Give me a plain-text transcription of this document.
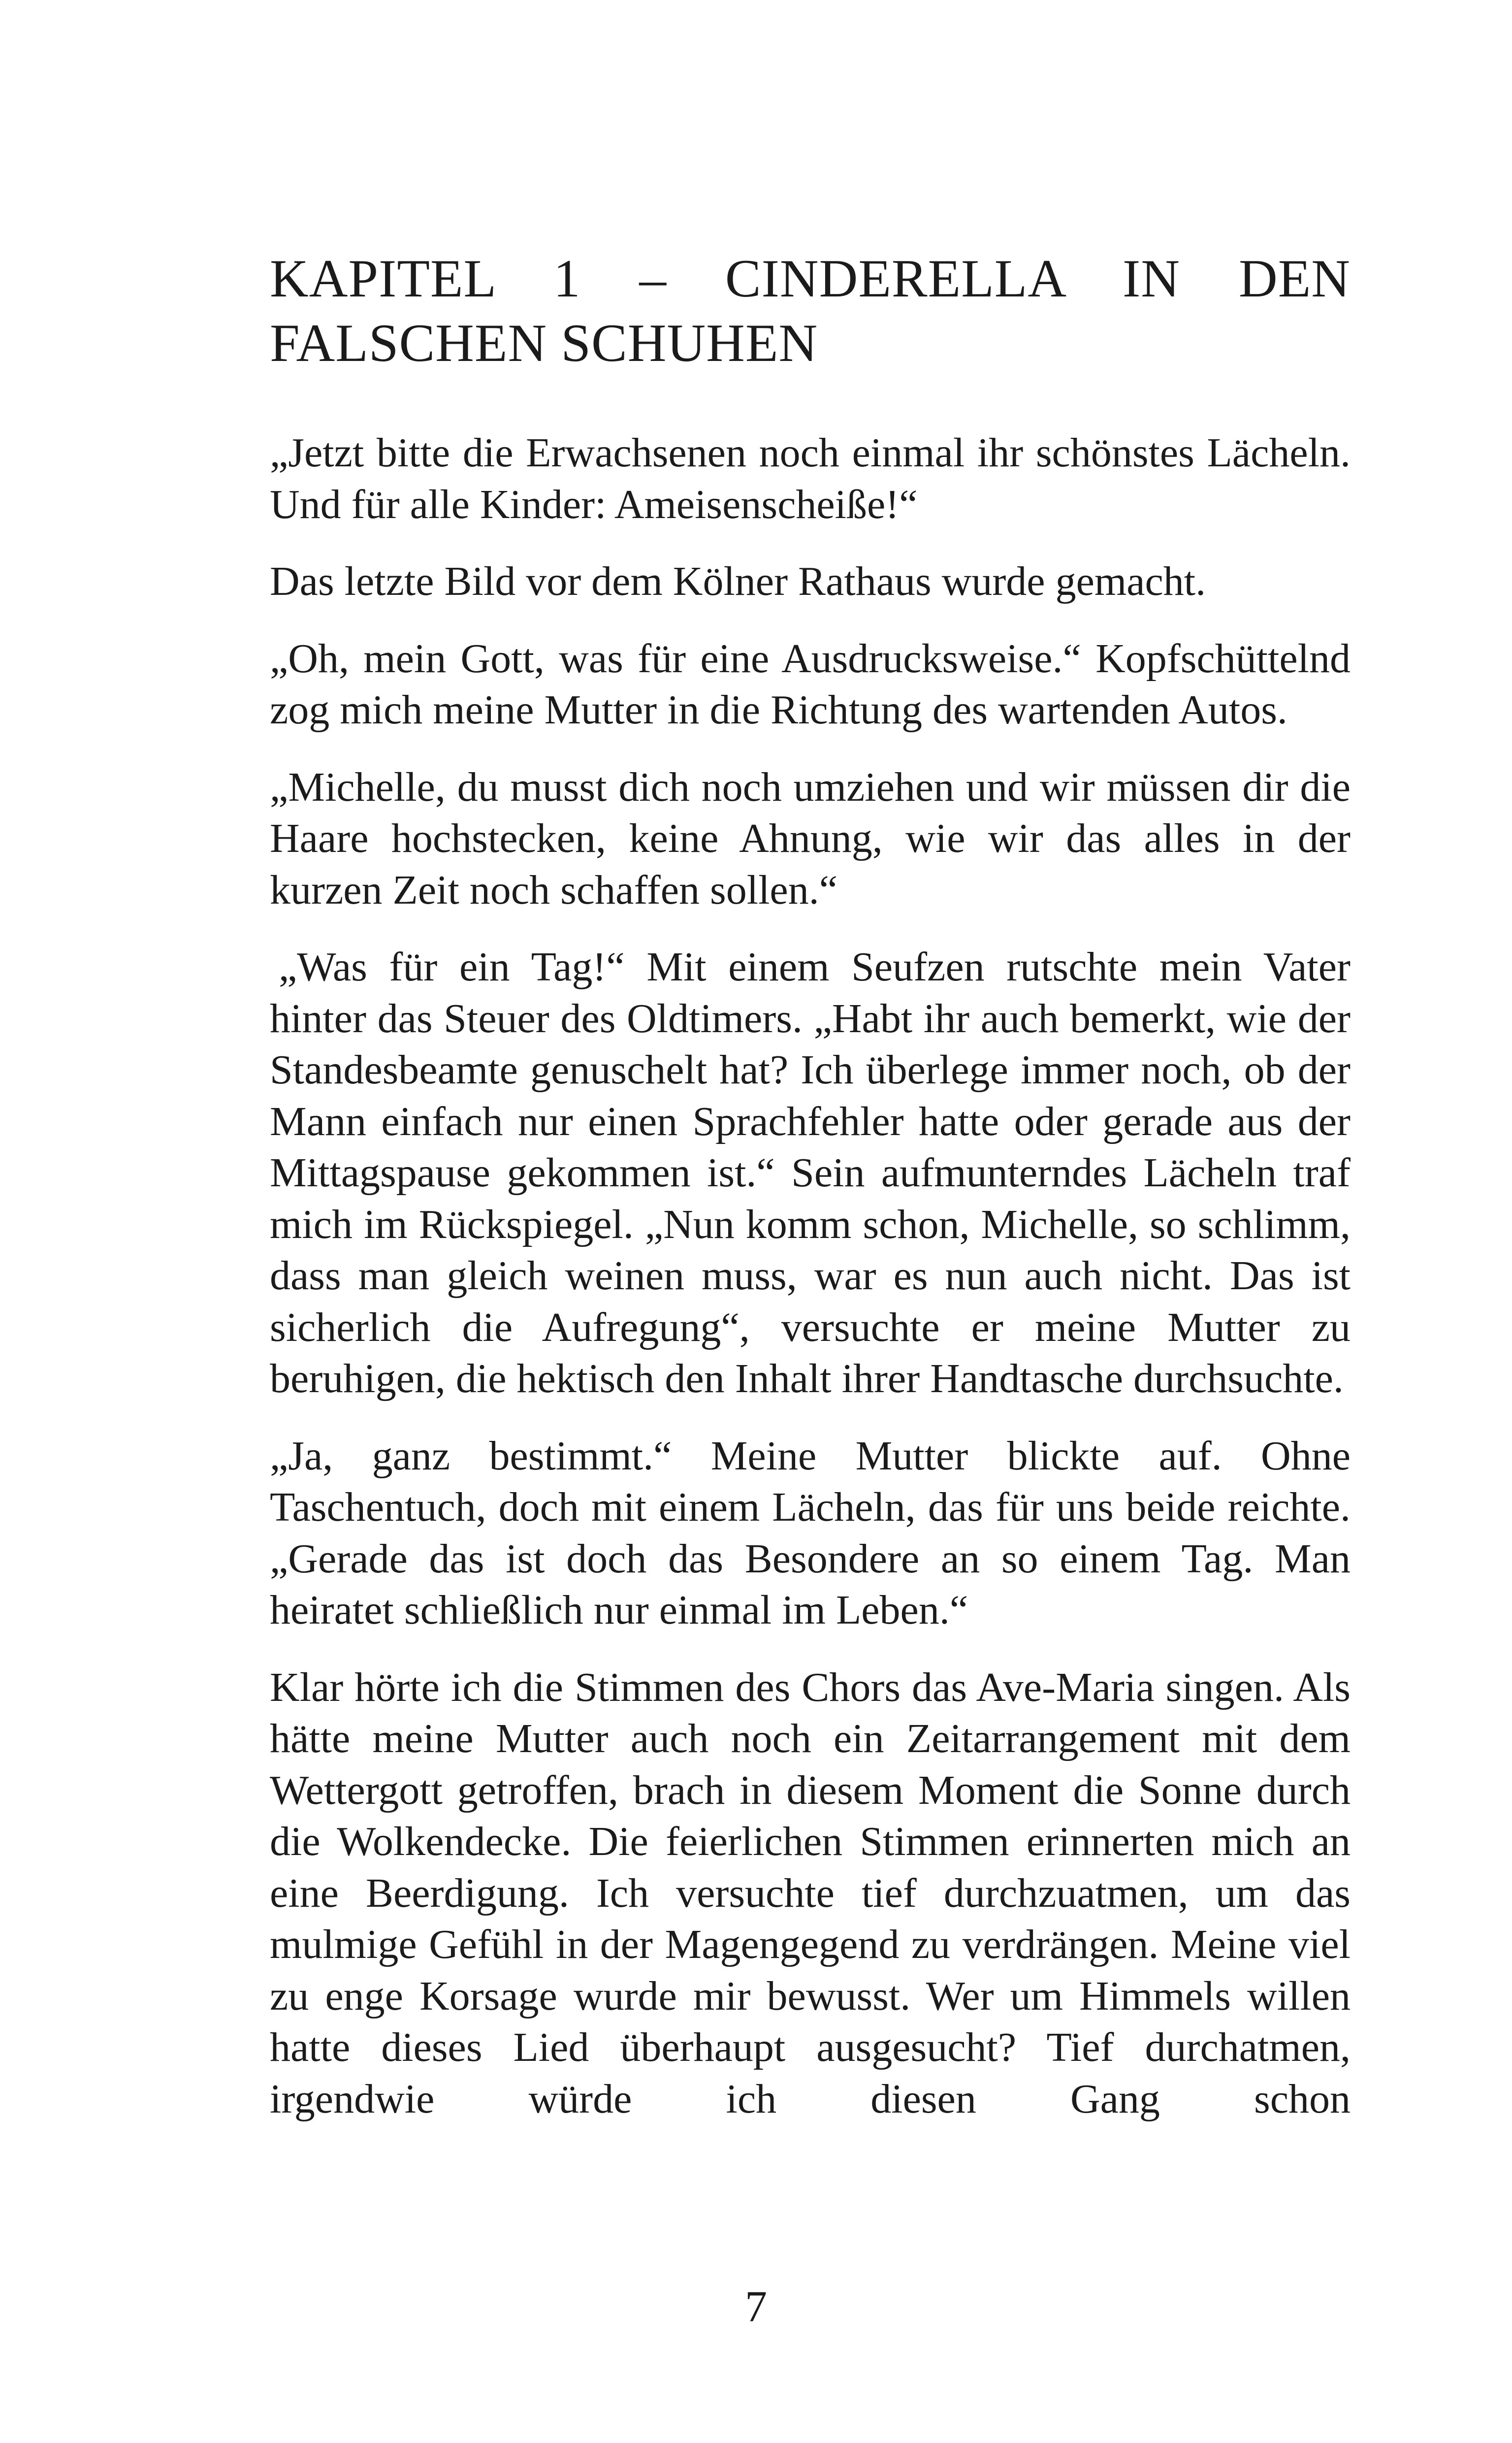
KAPITEL 1 – CINDERELLA IN DEN FALSCHEN SCHUHEN

„Jetzt bitte die Erwachsenen noch einmal ihr schönstes Lächeln. Und für alle Kinder: Ameisenscheiße!“

Das letzte Bild vor dem Kölner Rathaus wurde gemacht.

„Oh, mein Gott, was für eine Ausdrucksweise.“ Kopfschüttelnd zog mich meine Mutter in die Richtung des wartenden Autos.

„Michelle, du musst dich noch umziehen und wir müssen dir die Haare hochstecken, keine Ahnung, wie wir das alles in der kurzen Zeit noch schaffen sollen.“

„Was für ein Tag!“ Mit einem Seufzen rutschte mein Vater hinter das Steuer des Oldtimers. „Habt ihr auch bemerkt, wie der Standesbeamte genuschelt hat? Ich überlege immer noch, ob der Mann einfach nur einen Sprachfehler hatte oder gerade aus der Mittagspause gekommen ist.“ Sein aufmunterndes Lächeln traf mich im Rückspiegel. „Nun komm schon, Michelle, so schlimm, dass man gleich weinen muss, war es nun auch nicht. Das ist sicherlich die Aufregung“, versuchte er meine Mutter zu beruhigen, die hektisch den Inhalt ihrer Handtasche durchsuchte.

„Ja, ganz bestimmt.“ Meine Mutter blickte auf. Ohne Taschentuch, doch mit einem Lächeln, das für uns beide reichte. „Gerade das ist doch das Besondere an so einem Tag. Man heiratet schließlich nur einmal im Leben.“

Klar hörte ich die Stimmen des Chors das Ave-Maria singen. Als hätte meine Mutter auch noch ein Zeitarrangement mit dem Wettergott getroffen, brach in diesem Moment die Sonne durch die Wolkendecke. Die feierlichen Stimmen erinnerten mich an eine Beerdigung. Ich versuchte tief durchzuatmen, um das mulmige Gefühl in der Magengegend zu verdrängen. Meine viel zu enge Korsage wurde mir bewusst. Wer um Himmels willen hatte dieses Lied überhaupt ausgesucht? Tief durchatmen, irgendwie würde ich diesen Gang schon

7
